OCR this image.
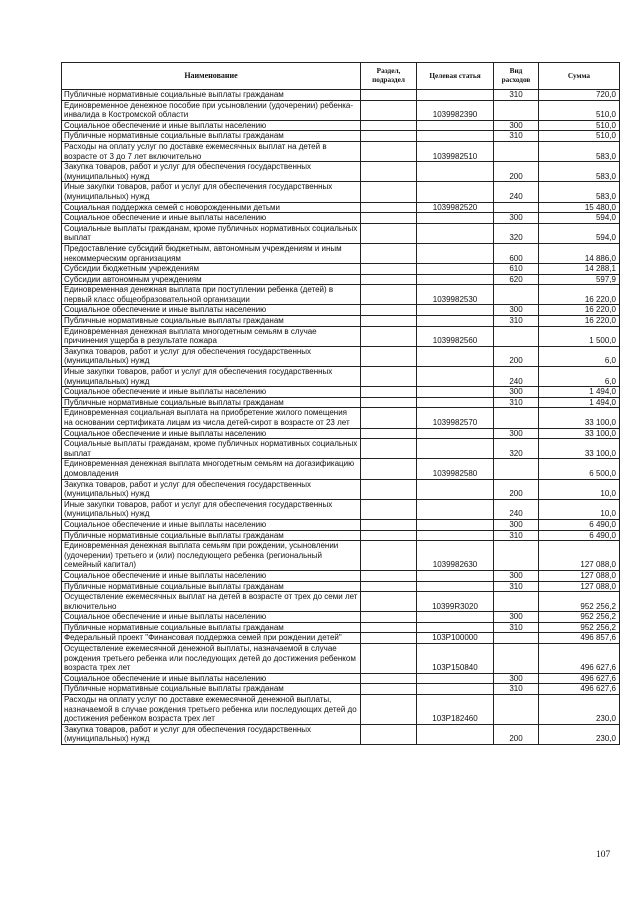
Наименование	Раздел, подраздел	Целевая статья	Вид расходов	Сумма
Публичные нормативные социальные выплаты гражданам			310	720,0
Единовременное денежное пособие при усыновлении (удочерении) ребенка-инвалида в Костромской области		1039982390		510,0
Социальное обеспечение и иные выплаты населению			300	510,0
Публичные нормативные социальные выплаты гражданам			310	510,0
Расходы на оплату услуг по доставке ежемесячных выплат на детей в возрасте от 3 до 7 лет включительно		1039982510		583,0
Закупка товаров, работ и услуг для обеспечения государственных (муниципальных) нужд			200	583,0
Иные закупки товаров, работ и услуг для обеспечения государственных (муниципальных) нужд			240	583,0
Социальная поддержка семей с новорожденными детьми		1039982520		15 480,0
Социальное обеспечение и иные выплаты населению			300	594,0
Социальные выплаты гражданам, кроме публичных нормативных социальных выплат			320	594,0
Предоставление субсидий бюджетным, автономным учреждениям и иным некоммерческим организациям			600	14 886,0
Субсидии бюджетным учреждениям			610	14 288,1
Субсидии автономным учреждениям			620	597,9
Единовременная денежная выплата при поступлении ребенка (детей) в первый класс общеобразовательной организации		1039982530		16 220,0
Социальное обеспечение и иные выплаты населению			300	16 220,0
Публичные нормативные социальные выплаты гражданам			310	16 220,0
Единовременная денежная выплата многодетным семьям в случае причинения ущерба в результате пожара		1039982560		1 500,0
Закупка товаров, работ и услуг для обеспечения государственных (муниципальных) нужд			200	6,0
Иные закупки товаров, работ и услуг для обеспечения государственных (муниципальных) нужд			240	6,0
Социальное обеспечение и иные выплаты населению			300	1 494,0
Публичные нормативные социальные выплаты гражданам			310	1 494,0
Единовременная социальная выплата на приобретение жилого помещения на основании сертификата лицам из числа детей-сирот в возрасте от 23 лет		1039982570		33 100,0
Социальное обеспечение и иные выплаты населению			300	33 100,0
Социальные выплаты гражданам, кроме публичных нормативных социальных выплат			320	33 100,0
Единовременная денежная выплата многодетным семьям на догазификацию домовладения		1039982580		6 500,0
Закупка товаров, работ и услуг для обеспечения государственных (муниципальных) нужд			200	10,0
Иные закупки товаров, работ и услуг для обеспечения государственных (муниципальных) нужд			240	10,0
Социальное обеспечение и иные выплаты населению			300	6 490,0
Публичные нормативные социальные выплаты гражданам			310	6 490,0
Единовременная денежная выплата семьям при рождении, усыновлении (удочерении) третьего и (или) последующего ребенка (региональный семейный капитал)		1039982630		127 088,0
Социальное обеспечение и иные выплаты населению			300	127 088,0
Публичные нормативные социальные выплаты гражданам			310	127 088,0
Осуществление ежемесячных выплат на детей в возрасте от трех до семи лет включительно		10399R3020		952 256,2
Социальное обеспечение и иные выплаты населению			300	952 256,2
Публичные нормативные социальные выплаты гражданам			310	952 256,2
Федеральный проект "Финансовая поддержка семей при рождении детей"		103P100000		496 857,6
Осуществление ежемесячной денежной выплаты, назначаемой в случае рождения третьего ребенка или последующих детей до достижения ребенком возраста трех лет		103P150840		496 627,6
Социальное обеспечение и иные выплаты населению			300	496 627,6
Публичные нормативные социальные выплаты гражданам			310	496 627,6
Расходы на оплату услуг по доставке ежемесячной денежной выплаты, назначаемой в случае рождения третьего ребенка или последующих детей до достижения ребенком возраста трех лет		103P182460		230,0
Закупка товаров, работ и услуг для обеспечения государственных (муниципальных) нужд			200	230,0
107
